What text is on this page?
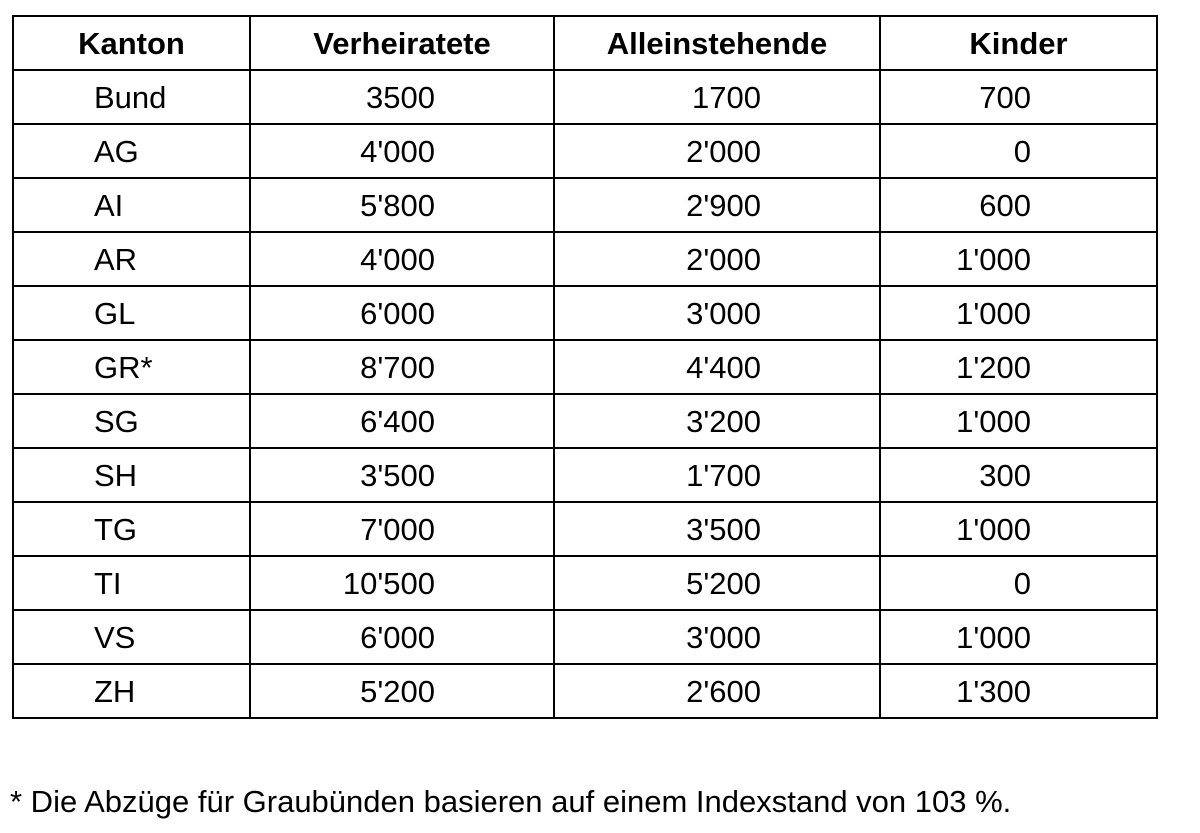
Kanton	Verheiratete	Alleinstehende	Kinder
Bund	3500	1700	700
AG	4'000	2'000	0
AI	5'800	2'900	600
AR	4'000	2'000	1'000
GL	6'000	3'000	1'000
GR*	8'700	4'400	1'200
SG	6'400	3'200	1'000
SH	3'500	1'700	300
TG	7'000	3'500	1'000
TI	10'500	5'200	0
VS	6'000	3'000	1'000
ZH	5'200	2'600	1'300
* Die Abzüge für Graubünden basieren auf einem Indexstand von 103 %.
